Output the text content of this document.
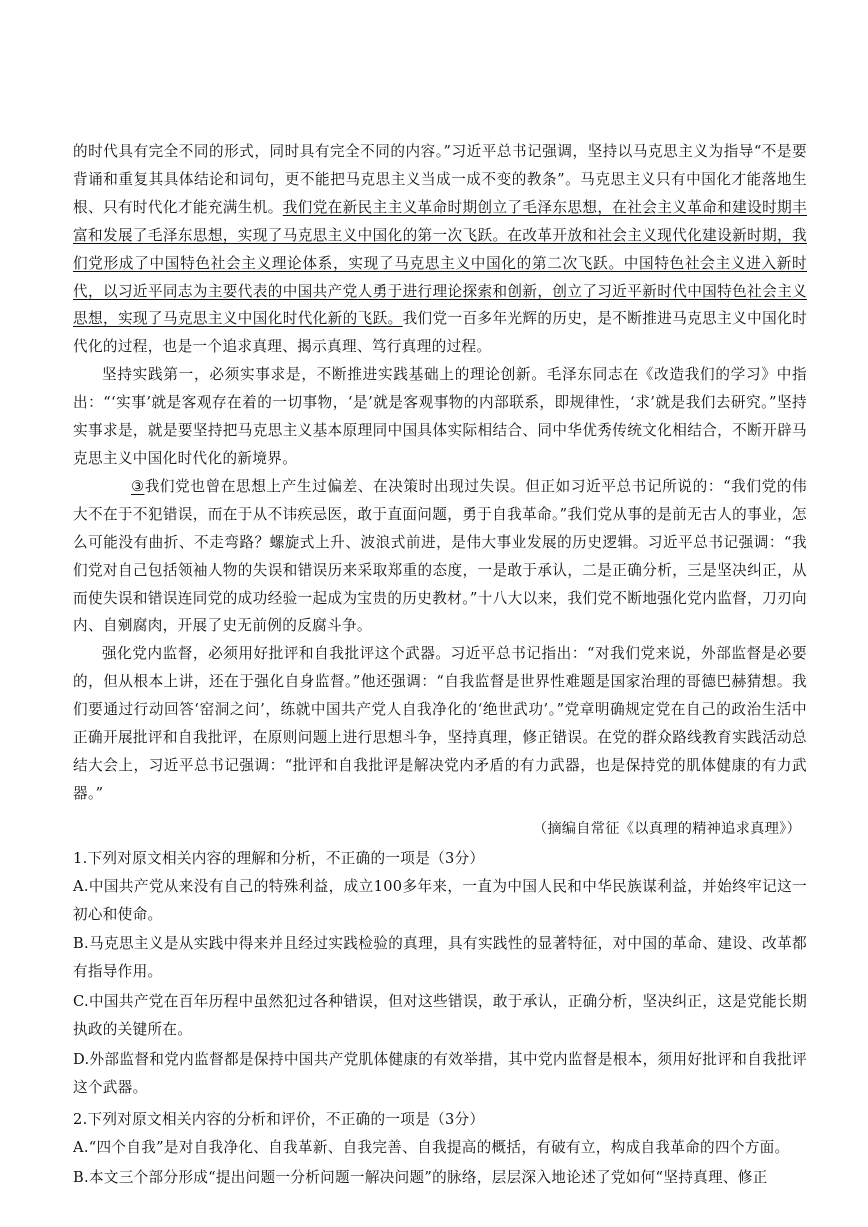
的时代具有完全不同的形式，同时具有完全不同的内容。”习近平总书记强调，坚持以马克思主义为指导“不是要背诵和重复其具体结论和词句，更不能把马克思主义当成一成不变的教条”。马克思主义只有中国化才能落地生根、只有时代化才能充满生机。我们党在新民主主义革命时期创立了毛泽东思想，在社会主义革命和建设时期丰富和发展了毛泽东思想，实现了马克思主义中国化的第一次飞跃。在改革开放和社会主义现代化建设新时期，我们党形成了中国特色社会主义理论体系，实现了马克思主义中国化的第二次飞跃。中国特色社会主义进入新时代，以习近平同志为主要代表的中国共产党人勇于进行理论探索和创新，创立了习近平新时代中国特色社会主义思想，实现了马克思主义中国化时代化新的飞跃。我们党一百多年光辉的历史，是不断推进马克思主义中国化时代化的过程，也是一个追求真理、揭示真理、笃行真理的过程。

坚持实践第一，必须实事求是，不断推进实践基础上的理论创新。毛泽东同志在《改造我们的学习》中指出：“‘实事’就是客观存在着的一切事物，‘是’就是客观事物的内部联系，即规律性，‘求’就是我们去研究。”坚持实事求是，就是要坚持把马克思主义基本原理同中国具体实际相结合、同中华优秀传统文化相结合，不断开辟马克思主义中国化时代化的新境界。

③我们党也曾在思想上产生过偏差、在决策时出现过失误。但正如习近平总书记所说的：“我们党的伟大不在于不犯错误，而在于从不讳疾忌医，敢于直面问题，勇于自我革命。”我们党从事的是前无古人的事业，怎么可能没有曲折、不走弯路？螺旋式上升、波浪式前进，是伟大事业发展的历史逻辑。习近平总书记强调：“我们党对自己包括领袖人物的失误和错误历来采取郑重的态度，一是敢于承认，二是正确分析，三是坚决纠正，从而使失误和错误连同党的成功经验一起成为宝贵的历史教材。”十八大以来，我们党不断地强化党内监督，刀刃向内、自剜腐肉，开展了史无前例的反腐斗争。

强化党内监督，必须用好批评和自我批评这个武器。习近平总书记指出：“对我们党来说，外部监督是必要的，但从根本上讲，还在于强化自身监督。”他还强调：“自我监督是世界性难题是国家治理的哥德巴赫猜想。我们要通过行动回答‘窑洞之问’，练就中国共产党人自我净化的‘绝世武功’。”党章明确规定党在自己的政治生活中正确开展批评和自我批评，在原则问题上进行思想斗争，坚持真理，修正错误。在党的群众路线教育实践活动总结大会上，习近平总书记强调：“批评和自我批评是解决党内矛盾的有力武器，也是保持党的肌体健康的有力武器。”

（摘编自常征《以真理的精神追求真理》）

1.下列对原文相关内容的理解和分析，不正确的一项是（3分）

A.中国共产党从来没有自己的特殊利益，成立100多年来，一直为中国人民和中华民族谋利益，并始终牢记这一初心和使命。

B.马克思主义是从实践中得来并且经过实践检验的真理，具有实践性的显著特征，对中国的革命、建设、改革都有指导作用。

C.中国共产党在百年历程中虽然犯过各种错误，但对这些错误，敢于承认，正确分析，坚决纠正，这是党能长期执政的关键所在。

D.外部监督和党内监督都是保持中国共产党肌体健康的有效举措，其中党内监督是根本，须用好批评和自我批评这个武器。

2.下列对原文相关内容的分析和评价，不正确的一项是（3分）

A.“四个自我”是对自我净化、自我革新、自我完善、自我提高的概括，有破有立，构成自我革命的四个方面。

B.本文三个部分形成“提出问题一分析问题一解决问题”的脉络，层层深入地论述了党如何“坚持真理、修正
